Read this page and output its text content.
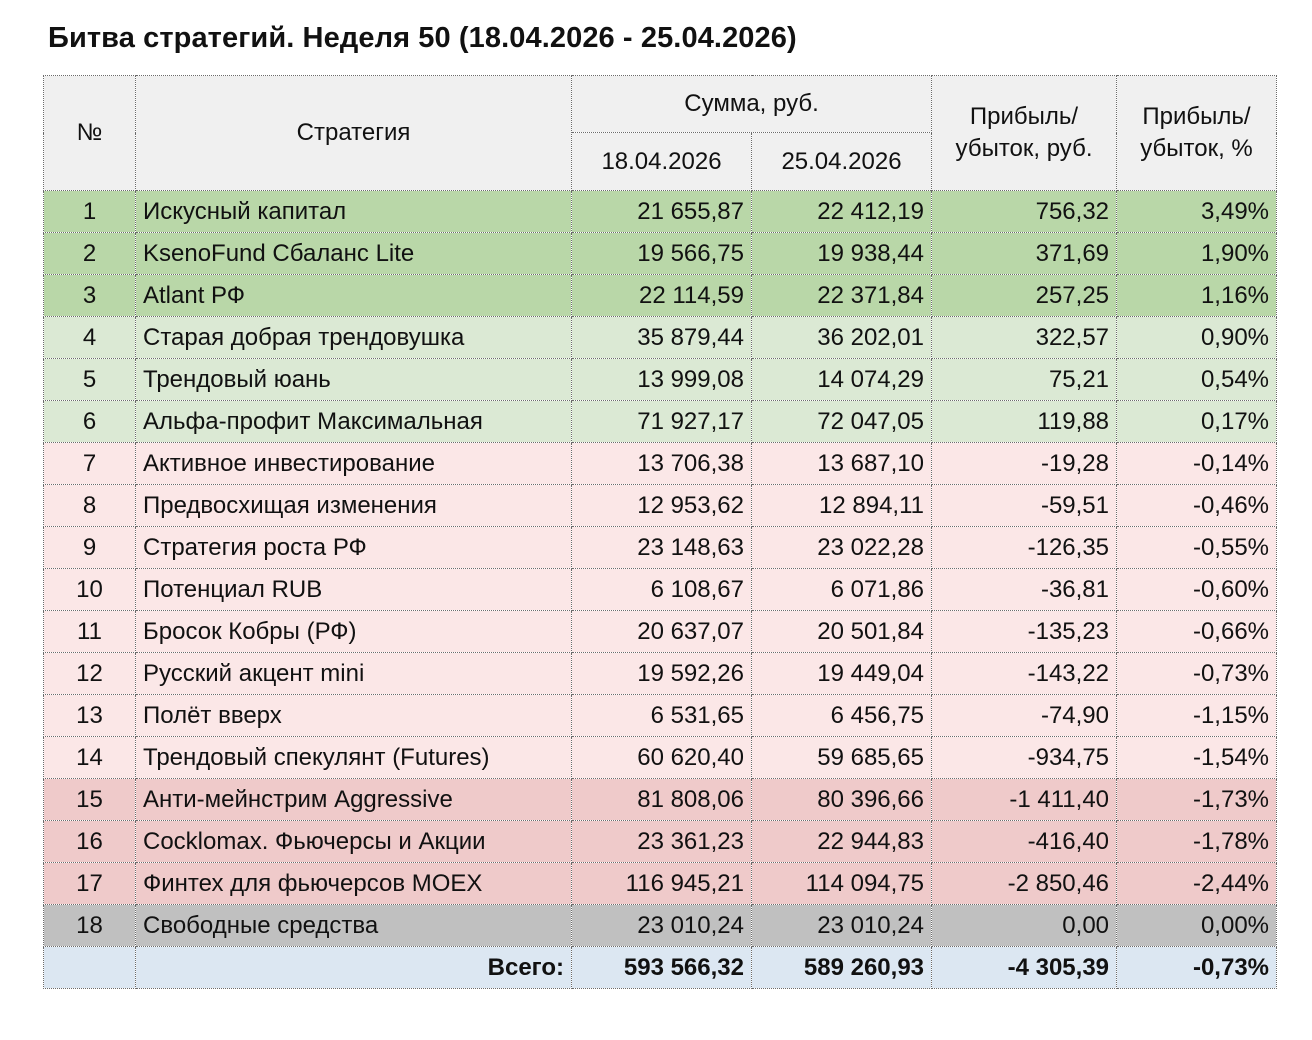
Битва стратегий. Неделя 50 (18.04.2026 - 25.04.2026)
№	Стратегия	Сумма, руб.		Прибыль/ убыток, руб.	Прибыль/ убыток, %
		18.04.2026	25.04.2026		
1	Искусный капитал	21 655,87	22 412,19	756,32	3,49%
2	KsenoFund Сбаланс Lite	19 566,75	19 938,44	371,69	1,90%
3	Atlant РФ	22 114,59	22 371,84	257,25	1,16%
4	Старая добрая трендовушка	35 879,44	36 202,01	322,57	0,90%
5	Трендовый юань	13 999,08	14 074,29	75,21	0,54%
6	Альфа-профит Максимальная	71 927,17	72 047,05	119,88	0,17%
7	Активное инвестирование	13 706,38	13 687,10	-19,28	-0,14%
8	Предвосхищая изменения	12 953,62	12 894,11	-59,51	-0,46%
9	Стратегия роста РФ	23 148,63	23 022,28	-126,35	-0,55%
10	Потенциал RUB	6 108,67	6 071,86	-36,81	-0,60%
11	Бросок Кобры (РФ)	20 637,07	20 501,84	-135,23	-0,66%
12	Русский акцент mini	19 592,26	19 449,04	-143,22	-0,73%
13	Полёт вверх	6 531,65	6 456,75	-74,90	-1,15%
14	Трендовый спекулянт (Futures)	60 620,40	59 685,65	-934,75	-1,54%
15	Анти-мейнстрим Aggressive	81 808,06	80 396,66	-1 411,40	-1,73%
16	Cocklomax. Фьючерсы и Акции	23 361,23	22 944,83	-416,40	-1,78%
17	Финтех для фьючерсов MOEX	116 945,21	114 094,75	-2 850,46	-2,44%
18	Свободные средства	23 010,24	23 010,24	0,00	0,00%
	Всего:	593 566,32	589 260,93	-4 305,39	-0,73%
